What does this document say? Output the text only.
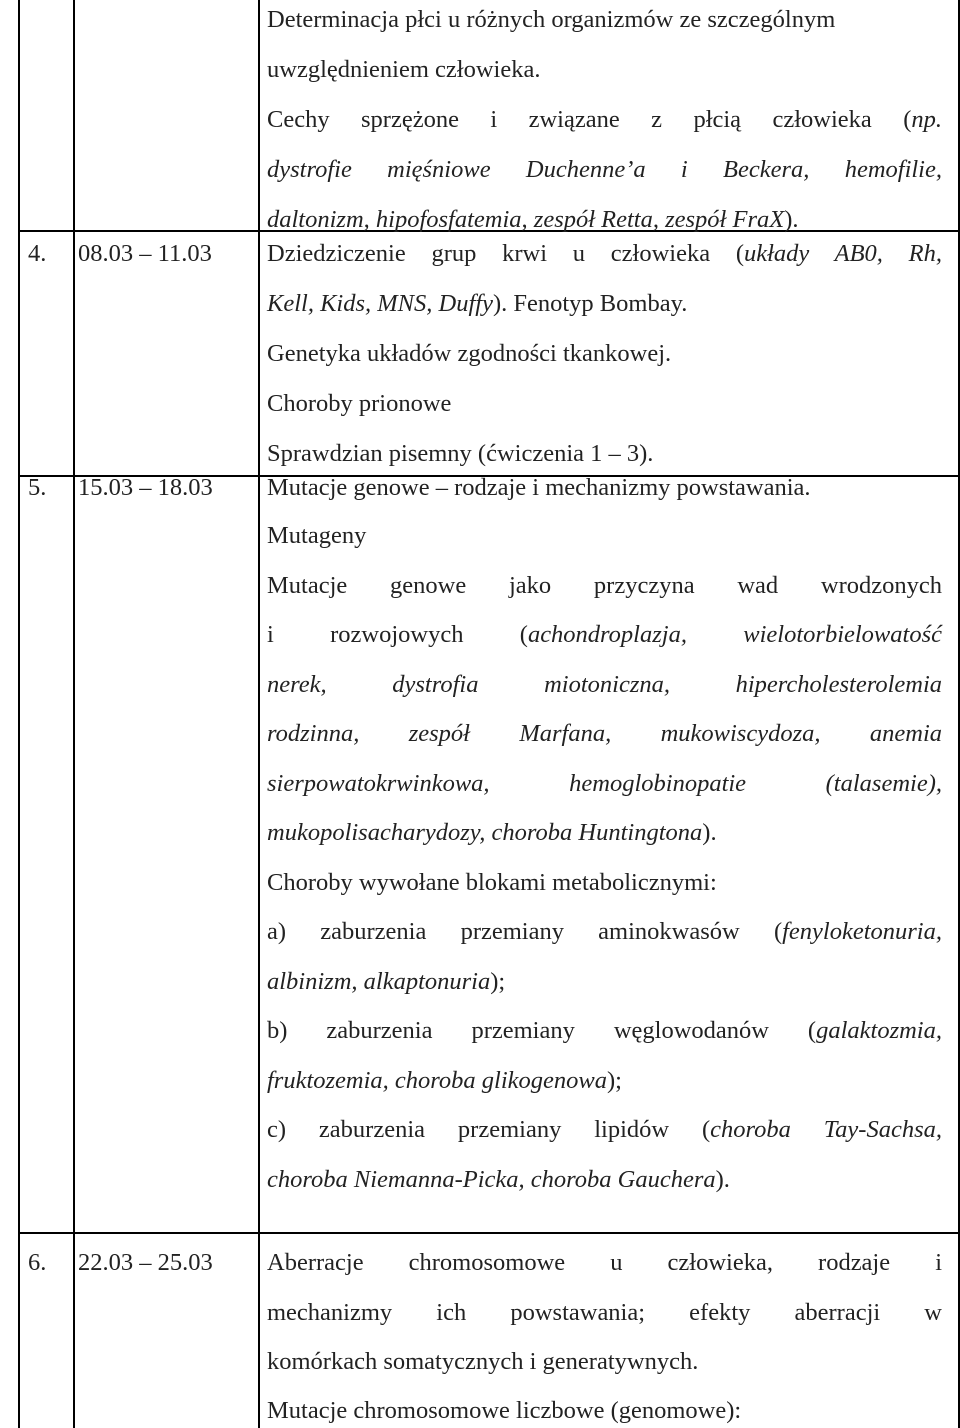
Determinacja płci u różnych organizmów ze szczególnym
uwzględnieniem człowieka.
Cechy sprzężone i związane z płcią człowieka (np.
dystrofie mięśniowe Duchenne’a i Beckera, hemofilie,
daltonizm, hipofosfatemia, zespół Retta, zespół FraX).
4. 08.03 – 11.03 Dziedziczenie grup krwi u człowieka (układy AB0, Rh,
Kell, Kids, MNS, Duffy). Fenotyp Bombay.
Genetyka układów zgodności tkankowej.
Choroby prionowe
Sprawdzian pisemny (ćwiczenia 1 – 3).
5. 15.03 – 18.03 Mutacje genowe – rodzaje i mechanizmy powstawania.
Mutageny
Mutacje genowe jako przyczyna wad wrodzonych
i rozwojowych (achondroplazja, wielotorbielowatość
nerek, dystrofia miotoniczna, hipercholesterolemia
rodzinna, zespół Marfana, mukowiscydoza, anemia
sierpowatokrwinkowa, hemoglobinopatie (talasemie),
mukopolisacharydozy, choroba Huntingtona).
Choroby wywołane blokami metabolicznymi:
a) zaburzenia przemiany aminokwasów (fenyloketonuria,
albinizm, alkaptonuria);
b) zaburzenia przemiany węglowodanów (galaktozmia,
fruktozemia, choroba glikogenowa);
c) zaburzenia przemiany lipidów (choroba Tay-Sachsa,
choroba Niemanna-Picka, choroba Gauchera).
6. 22.03 – 25.03 Aberracje chromosomowe u człowieka, rodzaje i
mechanizmy ich powstawania; efekty aberracji w
komórkach somatycznych i generatywnych.
Mutacje chromosomowe liczbowe (genomowe):
